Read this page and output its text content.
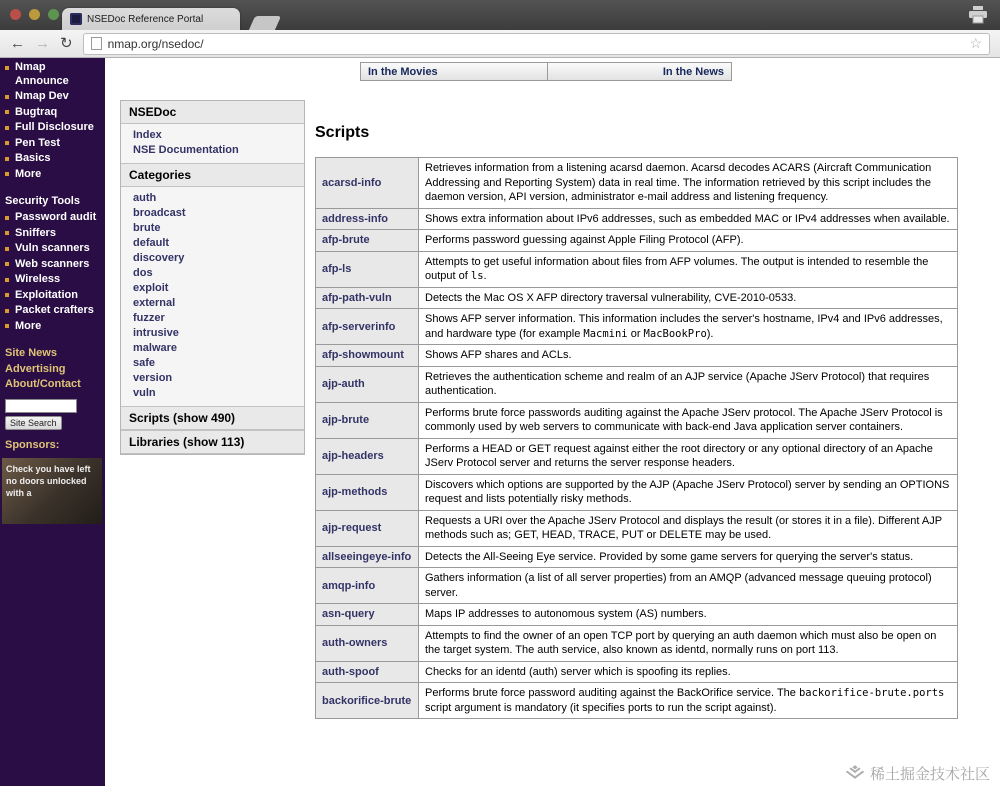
NSEDoc Reference Portal
← → ↻	nmap.org/nsedoc/	☆
Nmap Announce
Nmap Dev
Bugtraq
Full Disclosure
Pen Test
Basics
More
Security Tools
Password audit
Sniffers
Vuln scanners
Web scanners
Wireless
Exploitation
Packet crafters
More
Site News
Advertising
About/Contact
Site Search
Sponsors:
Check you have left no doors unlocked with a
In the Movies	In the News
NSEDoc
Index
NSE Documentation
Categories
auth
broadcast
brute
default
discovery
dos
exploit
external
fuzzer
intrusive
malware
safe
version
vuln
Scripts (show 490)
Libraries (show 113)
Scripts
acarsd-info	Retrieves information from a listening acarsd daemon. Acarsd decodes ACARS (Aircraft Communication Addressing and Reporting System) data in real time. The information retrieved by this script includes the daemon version, API version, administrator e-mail address and listening frequency.
address-info	Shows extra information about IPv6 addresses, such as embedded MAC or IPv4 addresses when available.
afp-brute	Performs password guessing against Apple Filing Protocol (AFP).
afp-ls	Attempts to get useful information about files from AFP volumes. The output is intended to resemble the output of ls.
afp-path-vuln	Detects the Mac OS X AFP directory traversal vulnerability, CVE-2010-0533.
afp-serverinfo	Shows AFP server information. This information includes the server's hostname, IPv4 and IPv6 addresses, and hardware type (for example Macmini or MacBookPro).
afp-showmount	Shows AFP shares and ACLs.
ajp-auth	Retrieves the authentication scheme and realm of an AJP service (Apache JServ Protocol) that requires authentication.
ajp-brute	Performs brute force passwords auditing against the Apache JServ protocol. The Apache JServ Protocol is commonly used by web servers to communicate with back-end Java application server containers.
ajp-headers	Performs a HEAD or GET request against either the root directory or any optional directory of an Apache JServ Protocol server and returns the server response headers.
ajp-methods	Discovers which options are supported by the AJP (Apache JServ Protocol) server by sending an OPTIONS request and lists potentially risky methods.
ajp-request	Requests a URI over the Apache JServ Protocol and displays the result (or stores it in a file). Different AJP methods such as; GET, HEAD, TRACE, PUT or DELETE may be used.
allseeingeye-info	Detects the All-Seeing Eye service. Provided by some game servers for querying the server's status.
amqp-info	Gathers information (a list of all server properties) from an AMQP (advanced message queuing protocol) server.
asn-query	Maps IP addresses to autonomous system (AS) numbers.
auth-owners	Attempts to find the owner of an open TCP port by querying an auth daemon which must also be open on the target system. The auth service, also known as identd, normally runs on port 113.
auth-spoof	Checks for an identd (auth) server which is spoofing its replies.
backorifice-brute	Performs brute force password auditing against the BackOrifice service. The backorifice-brute.ports script argument is mandatory (it specifies ports to run the script against).
稀土掘金技术社区
